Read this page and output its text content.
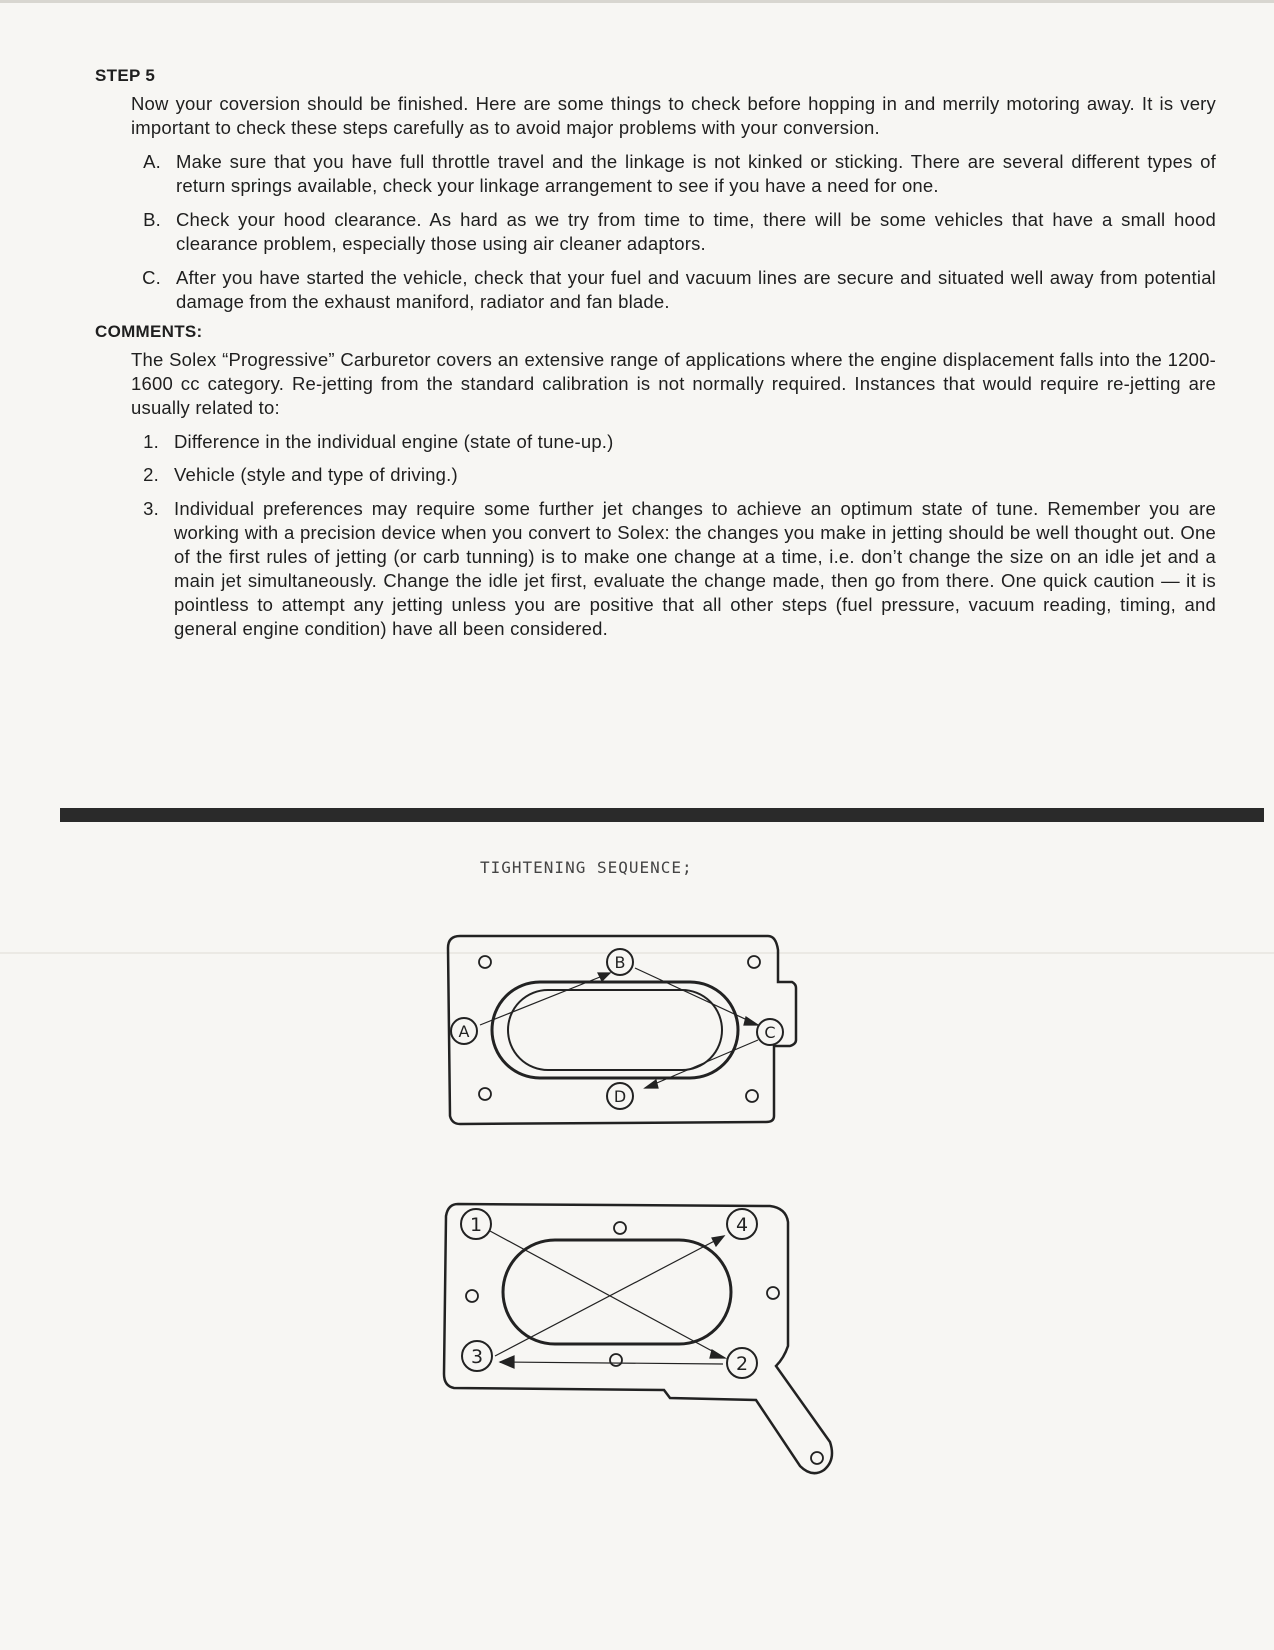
STEP 5
Now your coversion should be finished. Here are some things to check before hopping in and merrily motoring away. It is very important to check these steps carefully as to avoid major problems with your conversion.
A. Make sure that you have full throttle travel and the linkage is not kinked or sticking. There are several different types of return springs available, check your linkage arrangement to see if you have a need for one.
B. Check your hood clearance. As hard as we try from time to time, there will be some vehicles that have a small hood clearance problem, especially those using air cleaner adaptors.
C. After you have started the vehicle, check that your fuel and vacuum lines are secure and situated well away from potential damage from the exhaust maniford, radiator and fan blade.
COMMENTS:
The Solex “Progressive” Carburetor covers an extensive range of applications where the engine displacement falls into the 1200-1600 cc category. Re-jetting from the standard calibration is not normally required. Instances that would require re-jetting are usually related to:
1. Difference in the individual engine (state of tune-up.)
2. Vehicle (style and type of driving.)
3. Individual preferences may require some further jet changes to achieve an optimum state of tune. Remember you are working with a precision device when you convert to Solex: the changes you make in jetting should be well thought out. One of the first rules of jetting (or carb tunning) is to make one change at a time, i.e. don’t change the size on an idle jet and a main jet simultaneously. Change the idle jet first, evaluate the change made, then go from there. One quick caution — it is pointless to attempt any jetting unless you are positive that all other steps (fuel pressure, vacuum reading, timing, and general engine condition) have all been considered.
TIGHTENING SEQUENCE;
A
B
C
D
1	4
3	2
